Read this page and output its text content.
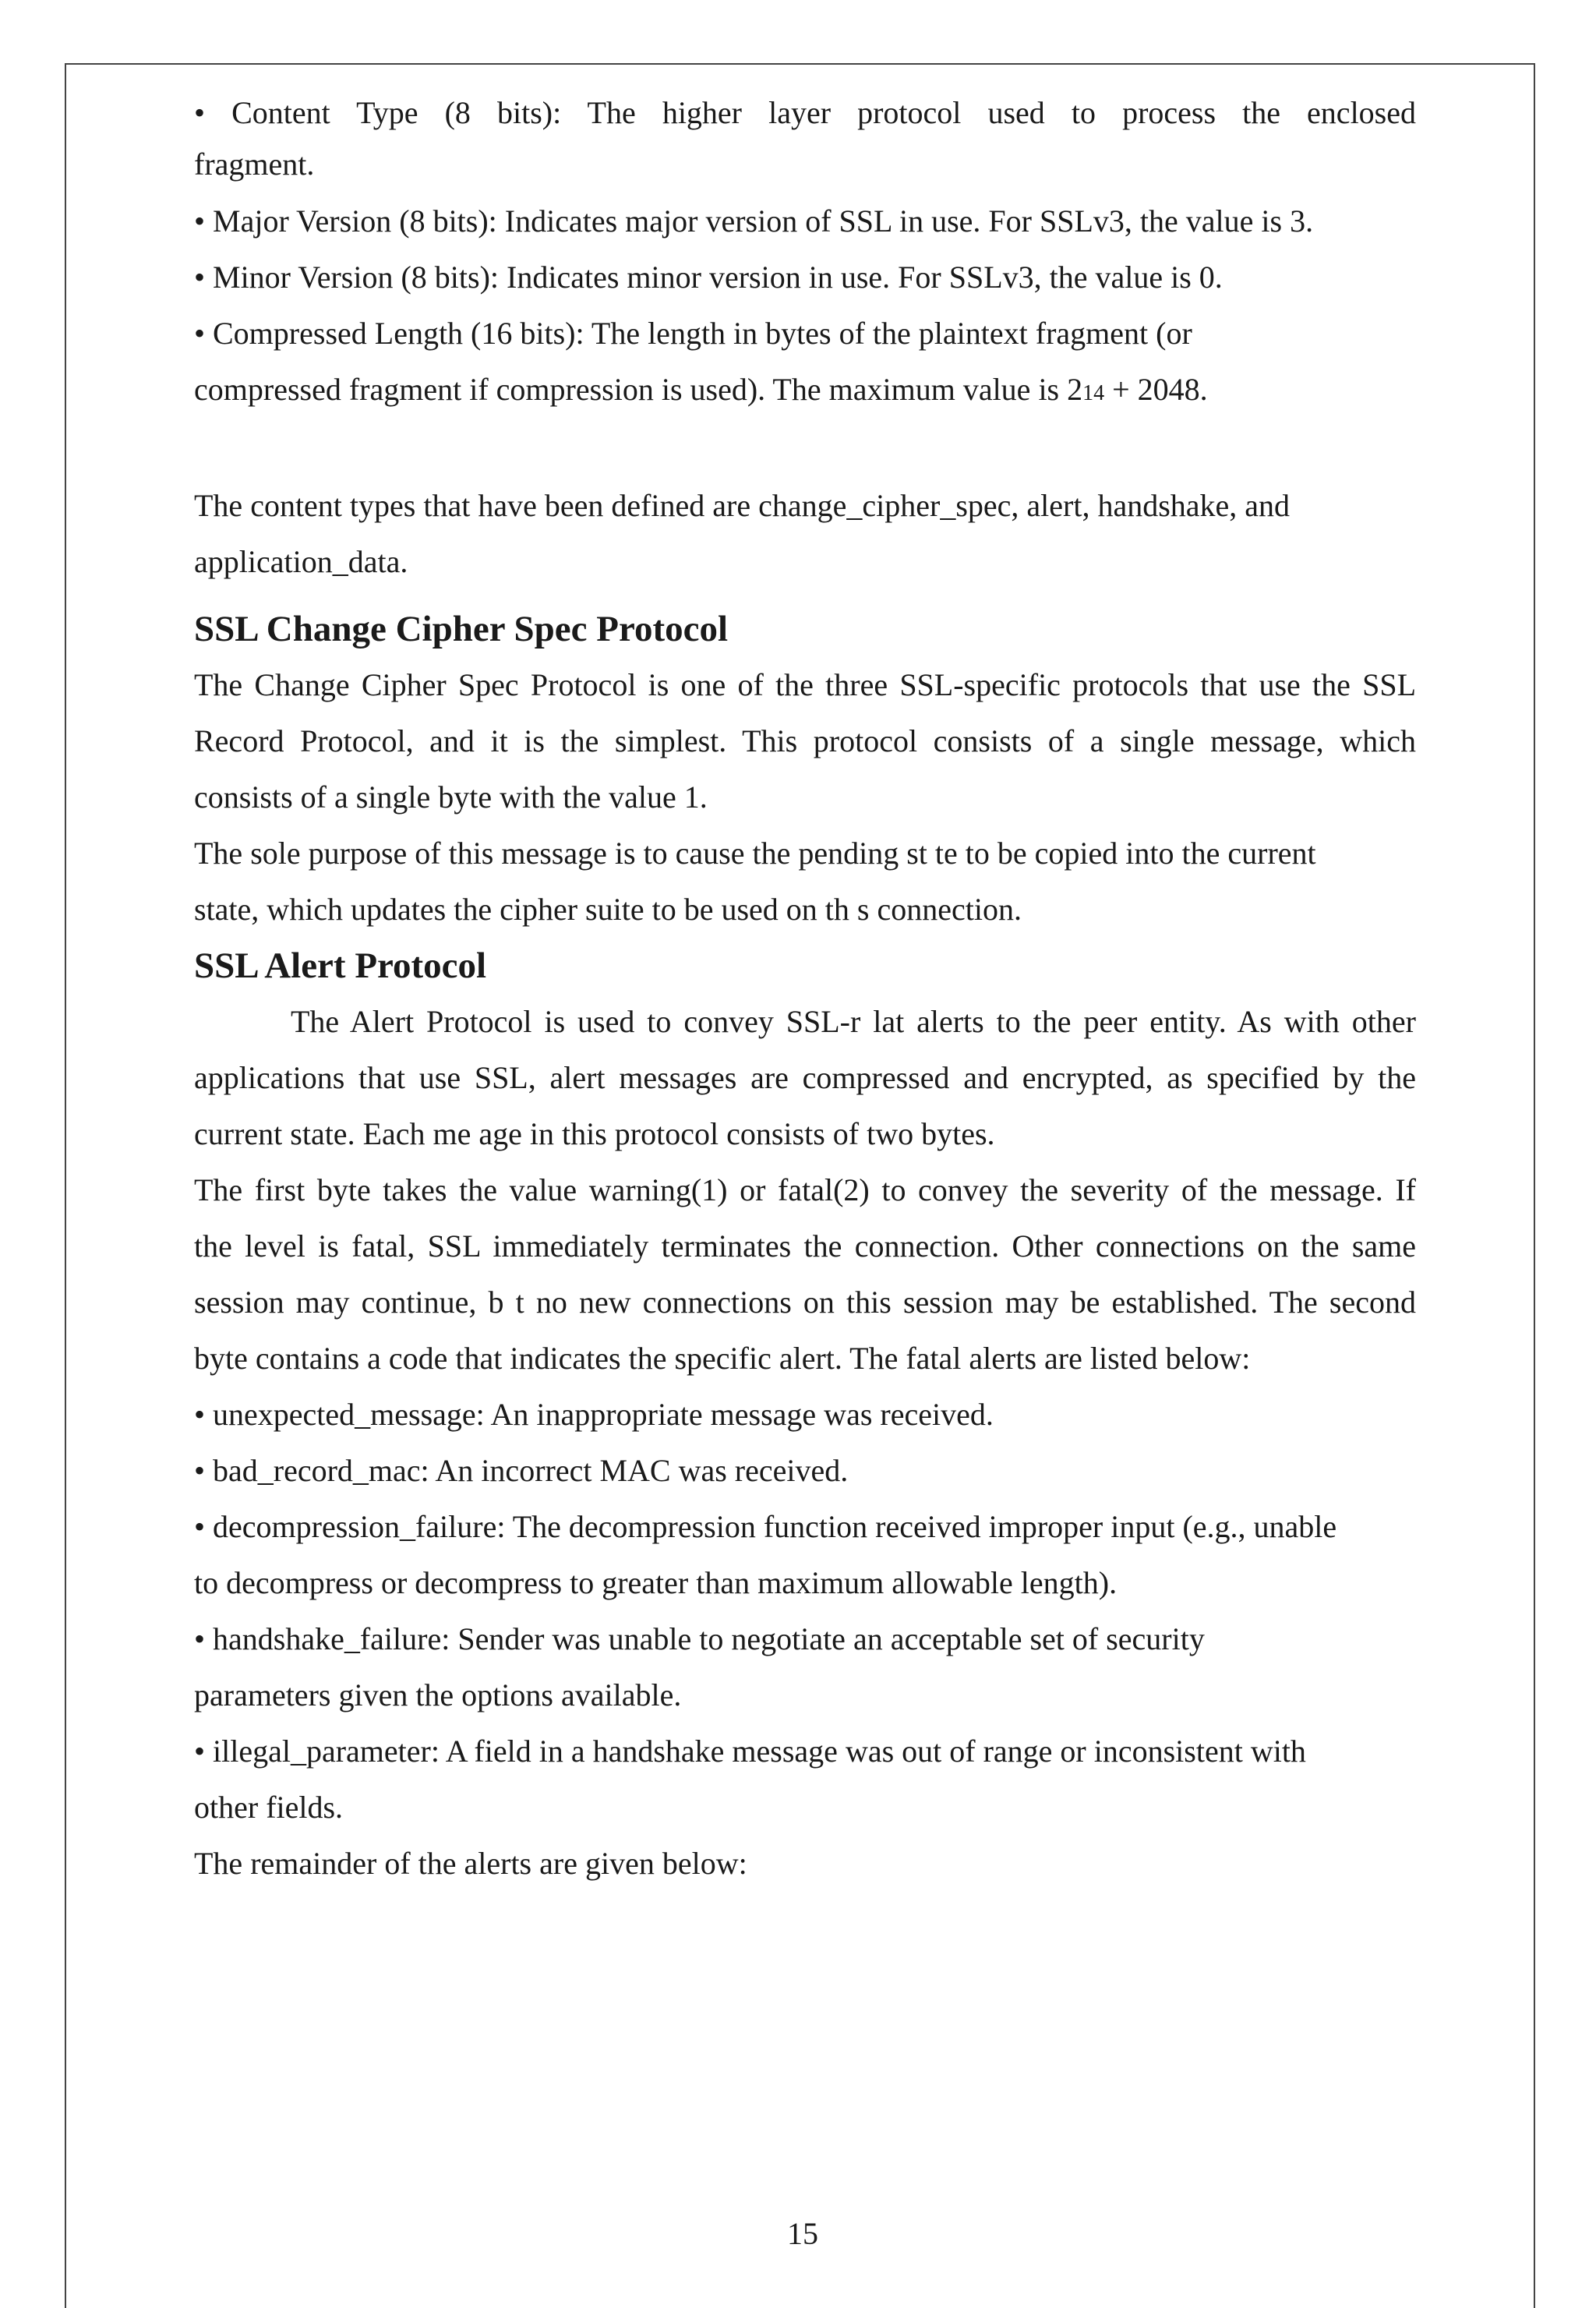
• Content Type (8 bits): The higher layer protocol used to process the enclosed

fragment.

• Major Version (8 bits): Indicates major version of SSL in use. For SSLv3, the value is 3.

• Minor Version (8 bits): Indicates minor version in use. For SSLv3, the value is 0.

• Compressed Length (16 bits): The length in bytes of the plaintext fragment (or

compressed fragment if compression is used). The maximum value is 214 + 2048.

The content types that have been defined are change_cipher_spec, alert, handshake, and

application_data.

SSL Change Cipher Spec Protocol

The Change Cipher Spec Protocol is one of the three SSL-specific protocols that use the SSL

Record Protocol, and it is the simplest. This protocol consists of a single message, which

consists of a single byte with the value 1.

The sole purpose of this message is to cause the pending st te to be copied into the current

state, which updates the cipher suite to be used on th s connection.

SSL Alert Protocol

The Alert Protocol is used to convey SSL-r lat alerts to the peer entity. As with other

applications that use SSL, alert messages are compressed and encrypted, as specified by the

current state. Each me age in this protocol consists of two bytes.

The first byte takes the value warning(1) or fatal(2) to convey the severity of the message. If

the level is fatal, SSL immediately terminates the connection. Other connections on the same

session may continue, b t no new connections on this session may be established. The second

byte contains a code that indicates the specific alert. The fatal alerts are listed below:

• unexpected_message: An inappropriate message was received.

• bad_record_mac: An incorrect MAC was received.

• decompression_failure: The decompression function received improper input (e.g., unable

to decompress or decompress to greater than maximum allowable length).

• handshake_failure: Sender was unable to negotiate an acceptable set of security

parameters given the options available.

• illegal_parameter: A field in a handshake message was out of range or inconsistent with

other fields.

The remainder of the alerts are given below:

15
